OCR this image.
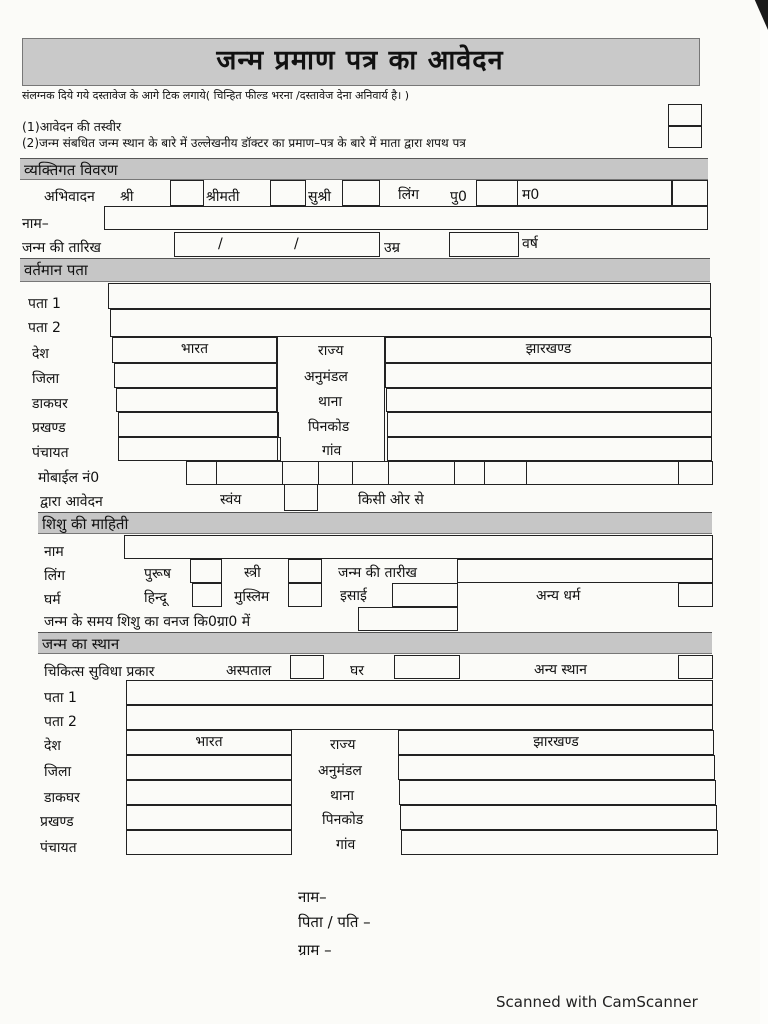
जन्म प्रमाण पत्र का आवेदन
संलग्नक दिये गये दस्तावेज के आगे टिक लगाये( चिन्हित फील्ड भरना /दस्तावेज देना अनिवार्य है। )
(1)आवेदन की तस्वीर
(2)जन्म संबधित जन्म स्थान के बारे में उल्लेखनीय डॉक्टर का प्रमाण–पत्र के बारे में माता द्वारा शपथ पत्र
व्यक्तिगत विवरण
अभिवादन श्री	श्रीमती	सुश्री	लिंग पु0	म0
नाम–
जन्म की तारिख	/	/	उम्र	वर्ष
वर्तमान पता
पता 1
पता 2
देश	भारत	राज्य	झारखण्ड
जिला	अनुमंडल
डाकघर	थाना
प्रखण्ड	पिनकोड
पंचायत	गांव
मोबाईल नं0
द्वारा आवेदन	स्वंय	किसी ओर से
शिशु की माहिती
नाम
लिंग	पुरूष	स्त्री	जन्म की तारीख
घर्म	हिन्दू	मुस्लिम	इसाई	अन्य धर्म
जन्म के समय शिशु का वनज कि0ग्रा0 में
जन्म का स्थान
चिकित्स सुविधा प्रकार	अस्पताल	घर	अन्य स्थान
पता 1
पता 2
देश	भारत	राज्य	झारखण्ड
जिला	अनुमंडल
डाकघर	थाना
प्रखण्ड	पिनकोड
पंचायत	गांव
नाम–
पिता / पति –
ग्राम –
Scanned with CamScanner
